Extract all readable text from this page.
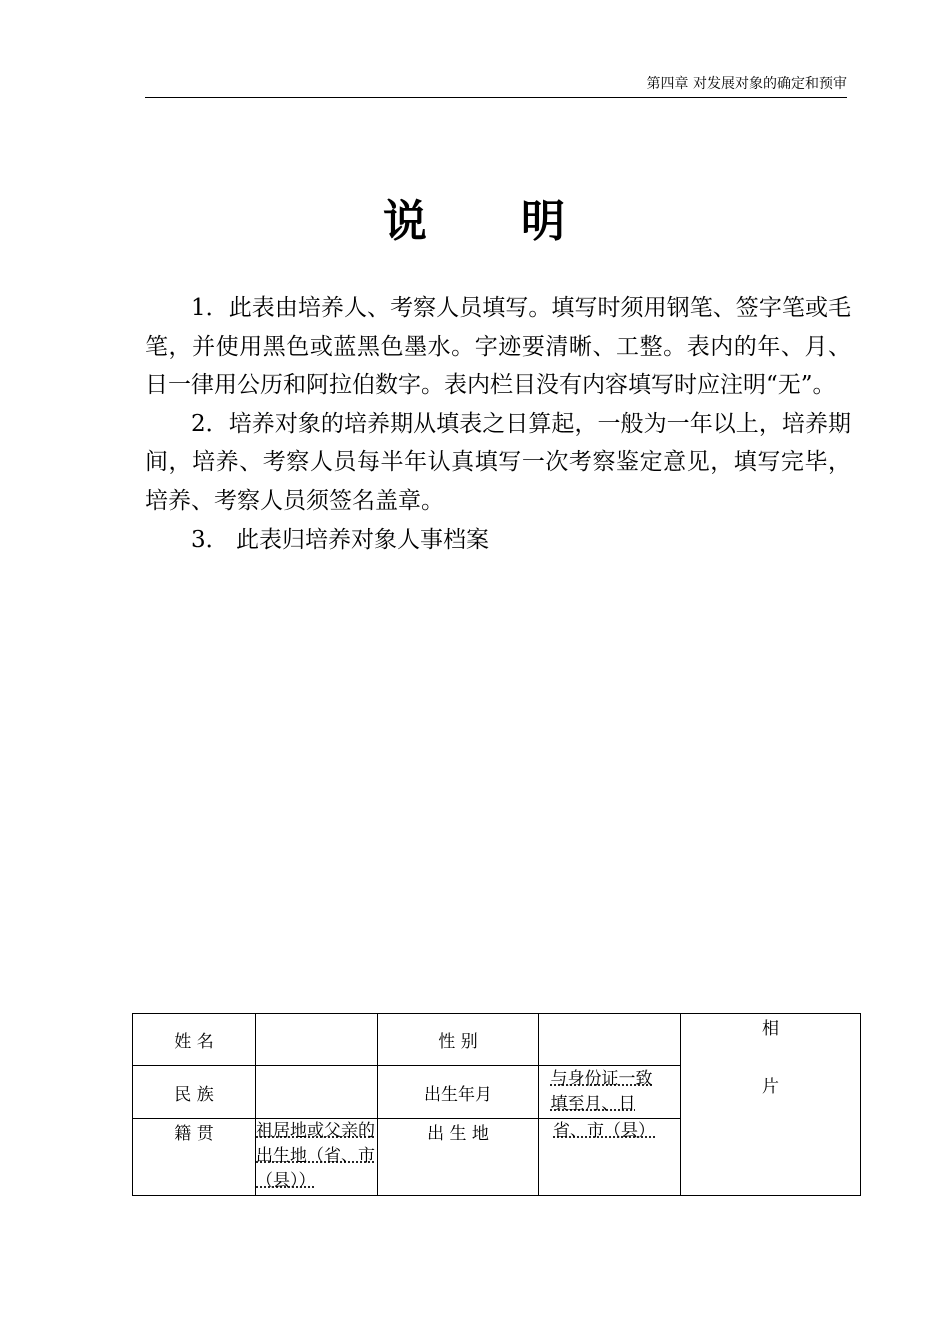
第四章 对发展对象的确定和预审
说 明

1．此表由培养人、考察人员填写。填写时须用钢笔、签字笔或毛笔，并使用黑色或蓝黑色墨水。字迹要清晰、工整。表内的年、月、日一律用公历和阿拉伯数字。表内栏目没有内容填写时应注明“无”。

2．培养对象的培养期从填表之日算起，一般为一年以上，培养期间，培养、考察人员每半年认真填写一次考察鉴定意见，填写完毕，培养、考察人员须签名盖章。

3． 此表归培养对象人事档案

姓 名		性 别		相
片

民 族		出生年月	与身份证一致填至月、日	
籍 贯	祖居地或父亲的出生地（省、市（县））	出 生 地	省、市（县）	
